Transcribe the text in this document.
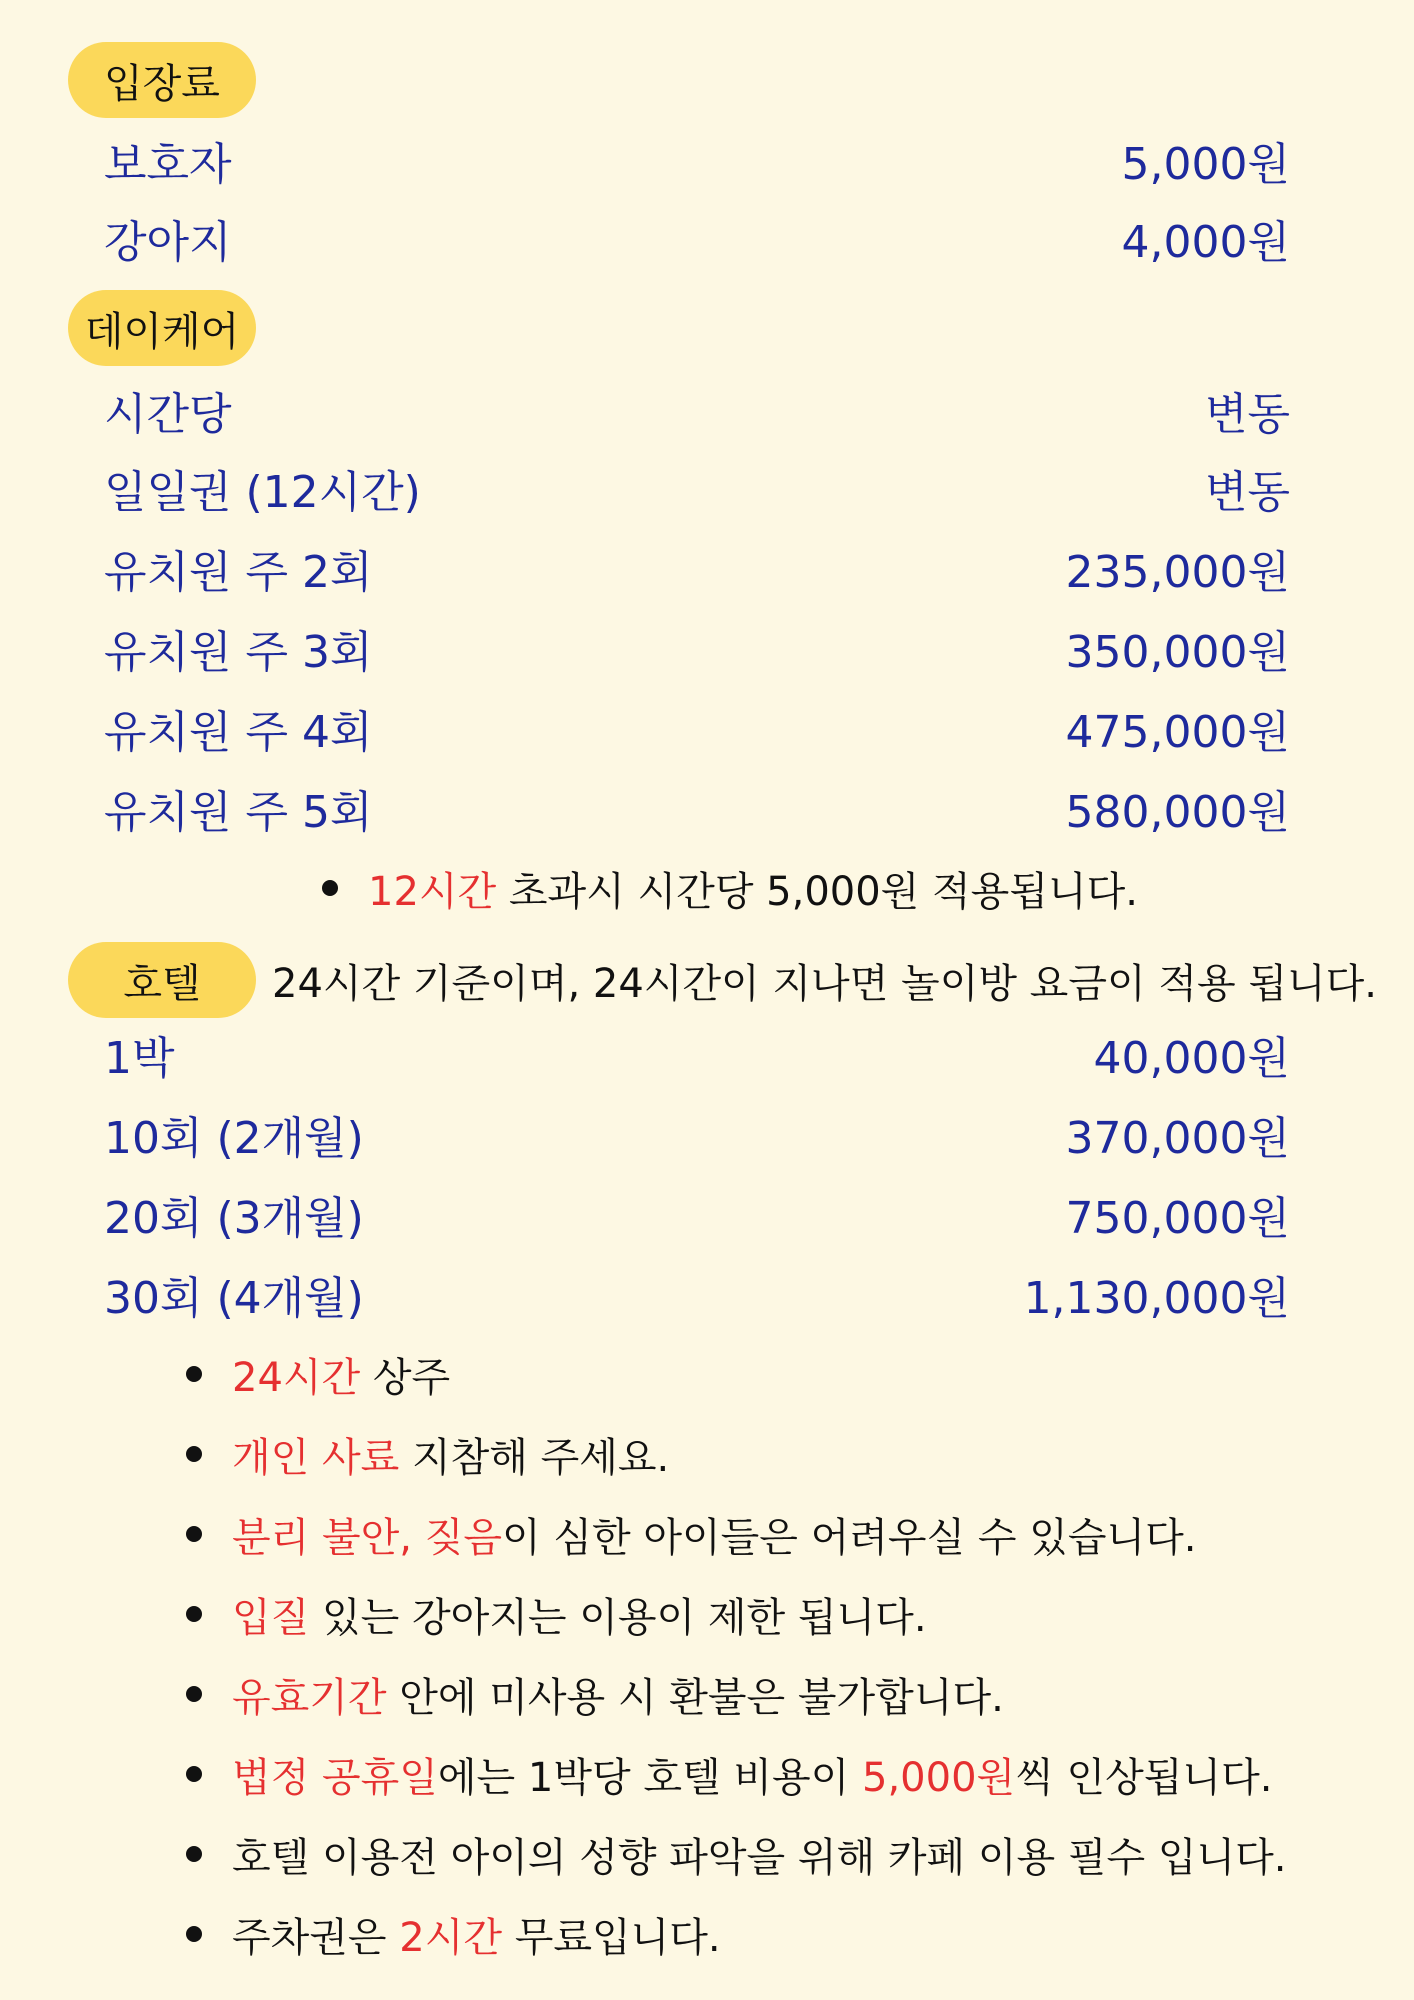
입장료
보호자	5,000원
강아지	4,000원
데이케어
시간당	변동
일일권 (12시간)	변동
유치원 주 2회	235,000원
유치원 주 3회	350,000원
유치원 주 4회	475,000원
유치원 주 5회	580,000원
12시간 초과시 시간당 5,000원 적용됩니다.
호텔	24시간 기준이며, 24시간이 지나면 놀이방 요금이 적용 됩니다.
1박	40,000원
10회 (2개월)	370,000원
20회 (3개월)	750,000원
30회 (4개월)	1,130,000원
24시간 상주
개인 사료 지참해 주세요.
분리 불안, 짖음 이 심한 아이들은 어려우실 수 있습니다.
입질 있는 강아지는 이용이 제한 됩니다.
유효기간 안에 미사용 시 환불은 불가합니다.
법정 공휴일 에는 1박당 호텔 비용이 5,000원 씩 인상됩니다.
호텔 이용전 아이의 성향 파악을 위해 카페 이용 필수 입니다.
주차권은 2시간 무료입니다.
